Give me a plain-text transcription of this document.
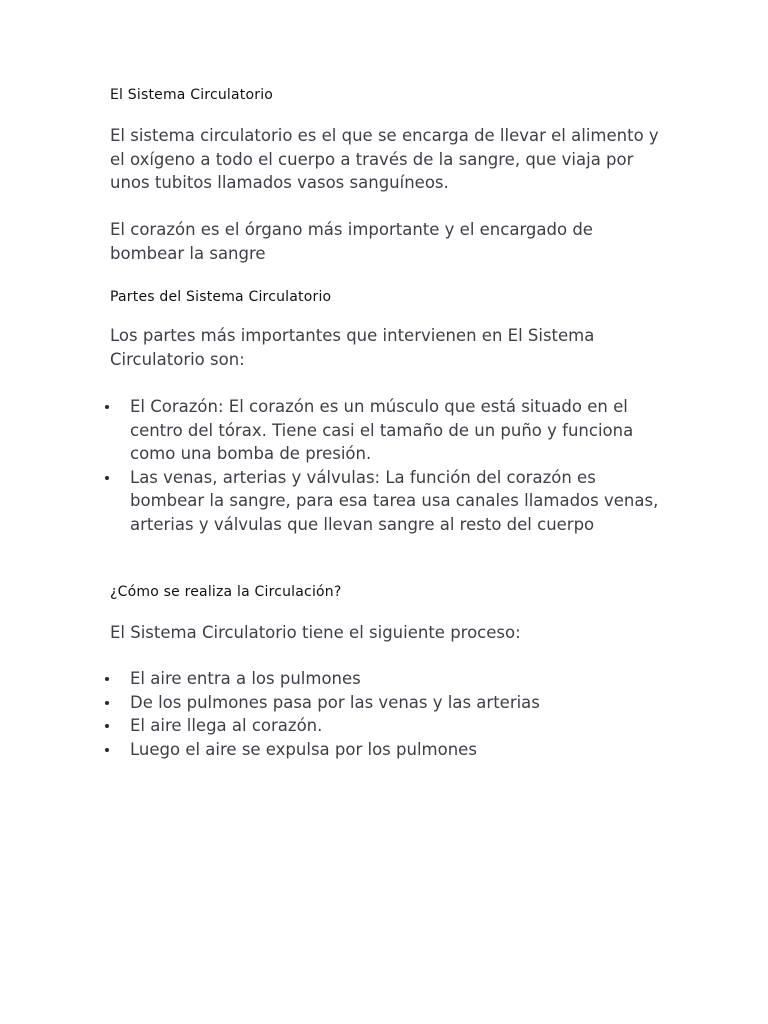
El Sistema Circulatorio

El sistema circulatorio es el que se encarga de llevar el alimento y el oxígeno a todo el cuerpo a través de la sangre, que viaja por unos tubitos llamados vasos sanguíneos.

El corazón es el órgano más importante y el encargado de bombear la sangre

Partes del Sistema Circulatorio

Los partes más importantes que intervienen en El Sistema Circulatorio son:

El Corazón: El corazón es un músculo que está situado en el centro del tórax. Tiene casi el tamaño de un puño y funciona como una bomba de presión.
Las venas, arterias y válvulas: La función del corazón es bombear la sangre, para esa tarea usa canales llamados venas, arterias y válvulas que llevan sangre al resto del cuerpo
¿Cómo se realiza la Circulación?

El Sistema Circulatorio tiene el siguiente proceso:

El aire entra a los pulmones
De los pulmones pasa por las venas y las arterias
El aire llega al corazón.
Luego el aire se expulsa por los pulmones
